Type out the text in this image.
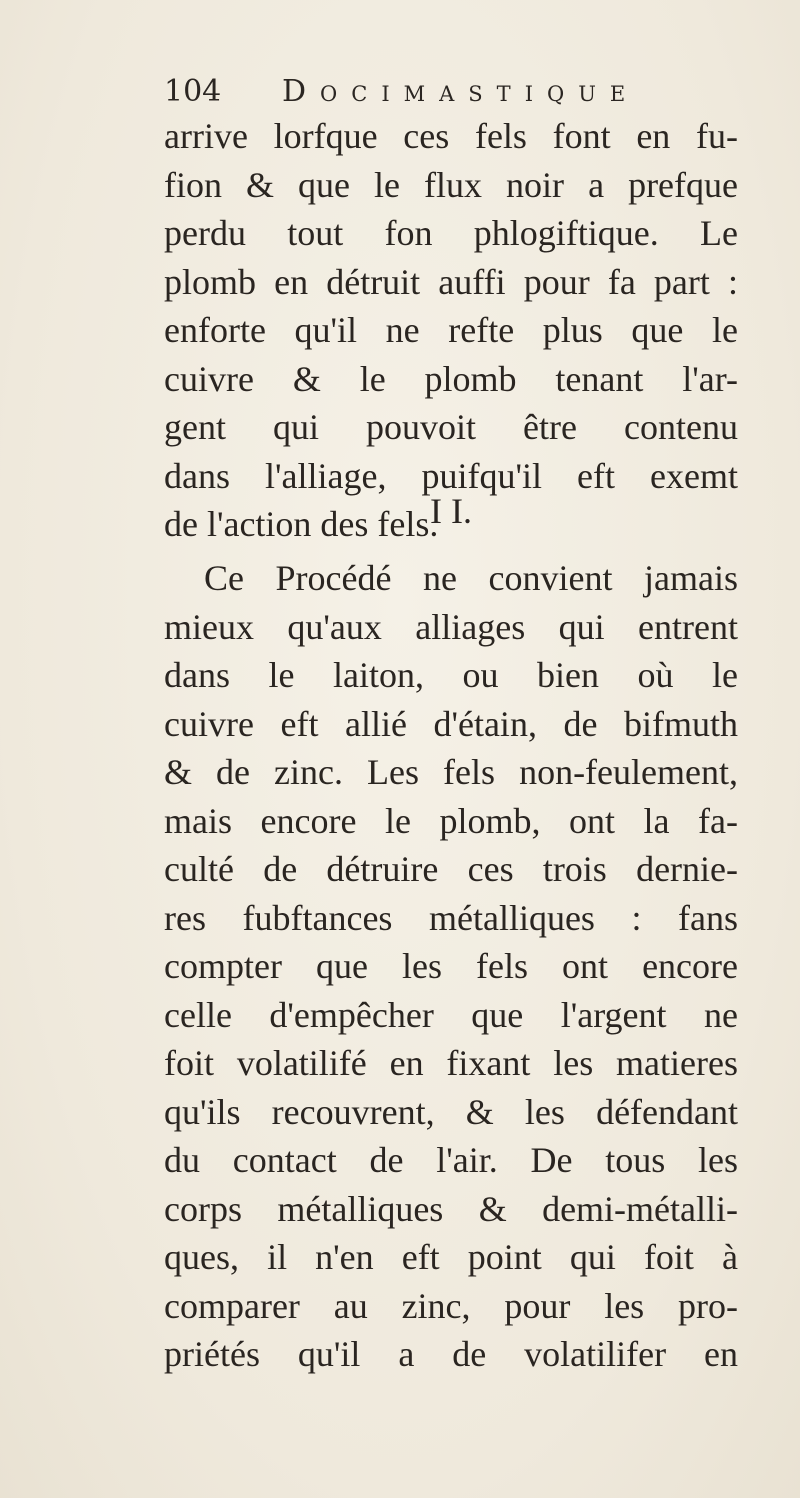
104 Docimastique
arrive lorfque ces fels font en fu-
fion & que le flux noir a prefque
perdu tout fon phlogiftique. Le
plomb en détruit auffi pour fa part :
enforte qu'il ne refte plus que le
cuivre & le plomb tenant l'ar-
gent qui pouvoit être contenu
dans l'alliage, puifqu'il eft exemt
de l'action des fels.
I I.
Ce Procédé ne convient jamais
mieux qu'aux alliages qui entrent
dans le laiton, ou bien où le
cuivre eft allié d'étain, de bifmuth
& de zinc. Les fels non-feulement,
mais encore le plomb, ont la fa-
culté de détruire ces trois dernie-
res fubftances métalliques : fans
compter que les fels ont encore
celle d'empêcher que l'argent ne
foit volatilifé en fixant les matieres
qu'ils recouvrent, & les défendant
du contact de l'air. De tous les
corps métalliques & demi-métalli-
ques, il n'en eft point qui foit à
comparer au zinc, pour les pro-
priétés qu'il a de volatilifer en
